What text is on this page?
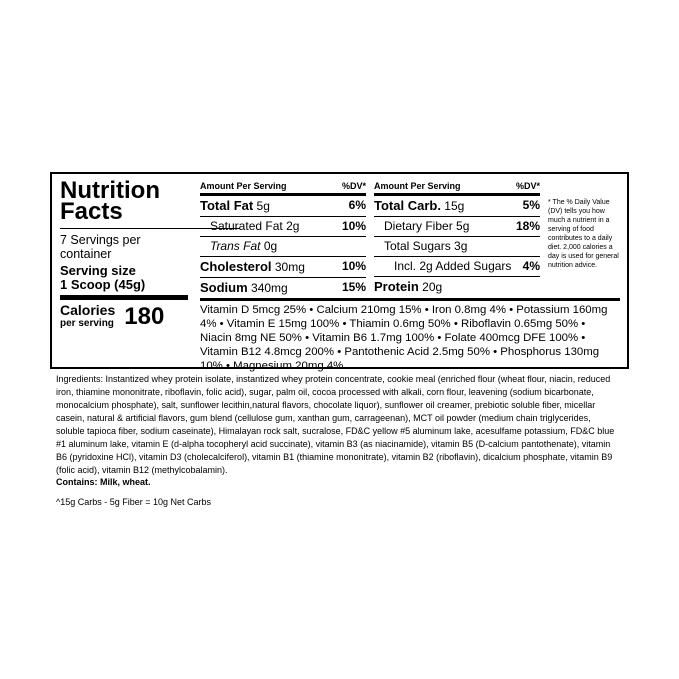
Nutrition
Facts
7 Servings per container
Serving size
1 Scoop (45g)
Calories
per serving 180
Amount Per Serving	%DV*
Total Fat 5g	6%
Saturated Fat 2g	10%
Trans Fat 0g
Cholesterol 30mg	10%
Sodium 340mg	15%
Amount Per Serving	%DV*
Total Carb. 15g	5%
Dietary Fiber 5g	18%
Total Sugars 3g
Incl. 2g Added Sugars 4%
Protein 20g
* The % Daily Value (DV) tells you how much a nutrient in a serving of food contributes to a daily diet. 2,000 calories a day is used for general nutrition advice.
Vitamin D 5mcg 25% • Calcium 210mg 15% • Iron 0.8mg 4% • Potassium 160mg 4% • Vitamin E 15mg 100% • Thiamin 0.6mg 50% • Riboflavin 0.65mg 50% • Niacin 8mg NE 50% • Vitamin B6 1.7mg 100% • Folate 400mcg DFE 100% • Vitamin B12 4.8mcg 200% • Pantothenic Acid 2.5mg 50% • Phosphorus 130mg 10% • Magnesium 20mg 4%
Ingredients: Instantized whey protein isolate, instantized whey protein concentrate, cookie meal (enriched flour (wheat flour, niacin, reduced iron, thiamine mononitrate, riboflavin, folic acid), sugar, palm oil, cocoa processed with alkali, corn flour, leavening (sodium bicarbonate, monocalcium phosphate), salt, sunflower lecithin,natural flavors, chocolate liquor), sunflower oil creamer, prebiotic soluble fiber, micellar casein, natural & artificial flavors, gum blend (cellulose gum, xanthan gum, carrageenan), MCT oil powder (medium chain triglycerides, soluble tapioca fiber, sodium caseinate), Himalayan rock salt, sucralose, FD&C yellow #5 aluminum lake, acesulfame potassium, FD&C blue #1 aluminum lake, vitamin E (d-alpha tocopheryl acid succinate), vitamin B3 (as niacinamide), vitamin B5 (D-calcium pantothenate), vitamin B6 (pyridoxine HCl), vitamin D3 (cholecalciferol), vitamin B1 (thiamine mononitrate), vitamin B2 (riboflavin), dicalcium phosphate, vitamin B9 (folic acid), vitamin B12 (methylcobalamin).
Contains: Milk, wheat.
^15g Carbs - 5g Fiber = 10g Net Carbs
